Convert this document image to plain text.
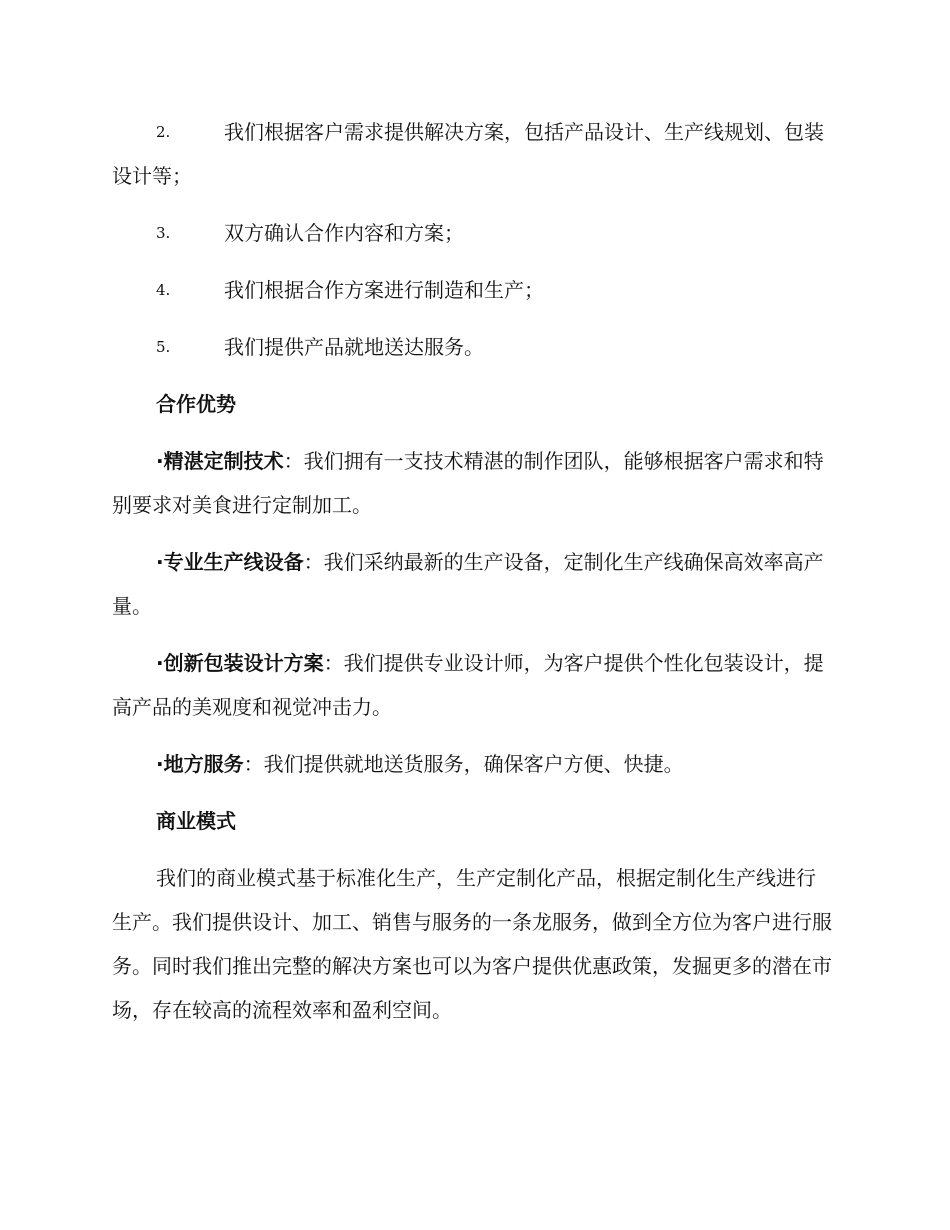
2.	我们根据客户需求提供解决方案，包括产品设计、生产线规划、包装设计等；
3.	双方确认合作内容和方案；
4.	我们根据合作方案进行制造和生产；
5.	我们提供产品就地送达服务。
合作优势
·精湛定制技术：我们拥有一支技术精湛的制作团队，能够根据客户需求和特别要求对美食进行定制加工。
·专业生产线设备：我们采纳最新的生产设备，定制化生产线确保高效率高产量。
·创新包装设计方案：我们提供专业设计师，为客户提供个性化包装设计，提高产品的美观度和视觉冲击力。
·地方服务：我们提供就地送货服务，确保客户方便、快捷。
商业模式

我们的商业模式基于标准化生产，生产定制化产品，根据定制化生产线进行生产。我们提供设计、加工、销售与服务的一条龙服务，做到全方位为客户进行服务。同时我们推出完整的解决方案也可以为客户提供优惠政策，发掘更多的潜在市场，存在较高的流程效率和盈利空间。
